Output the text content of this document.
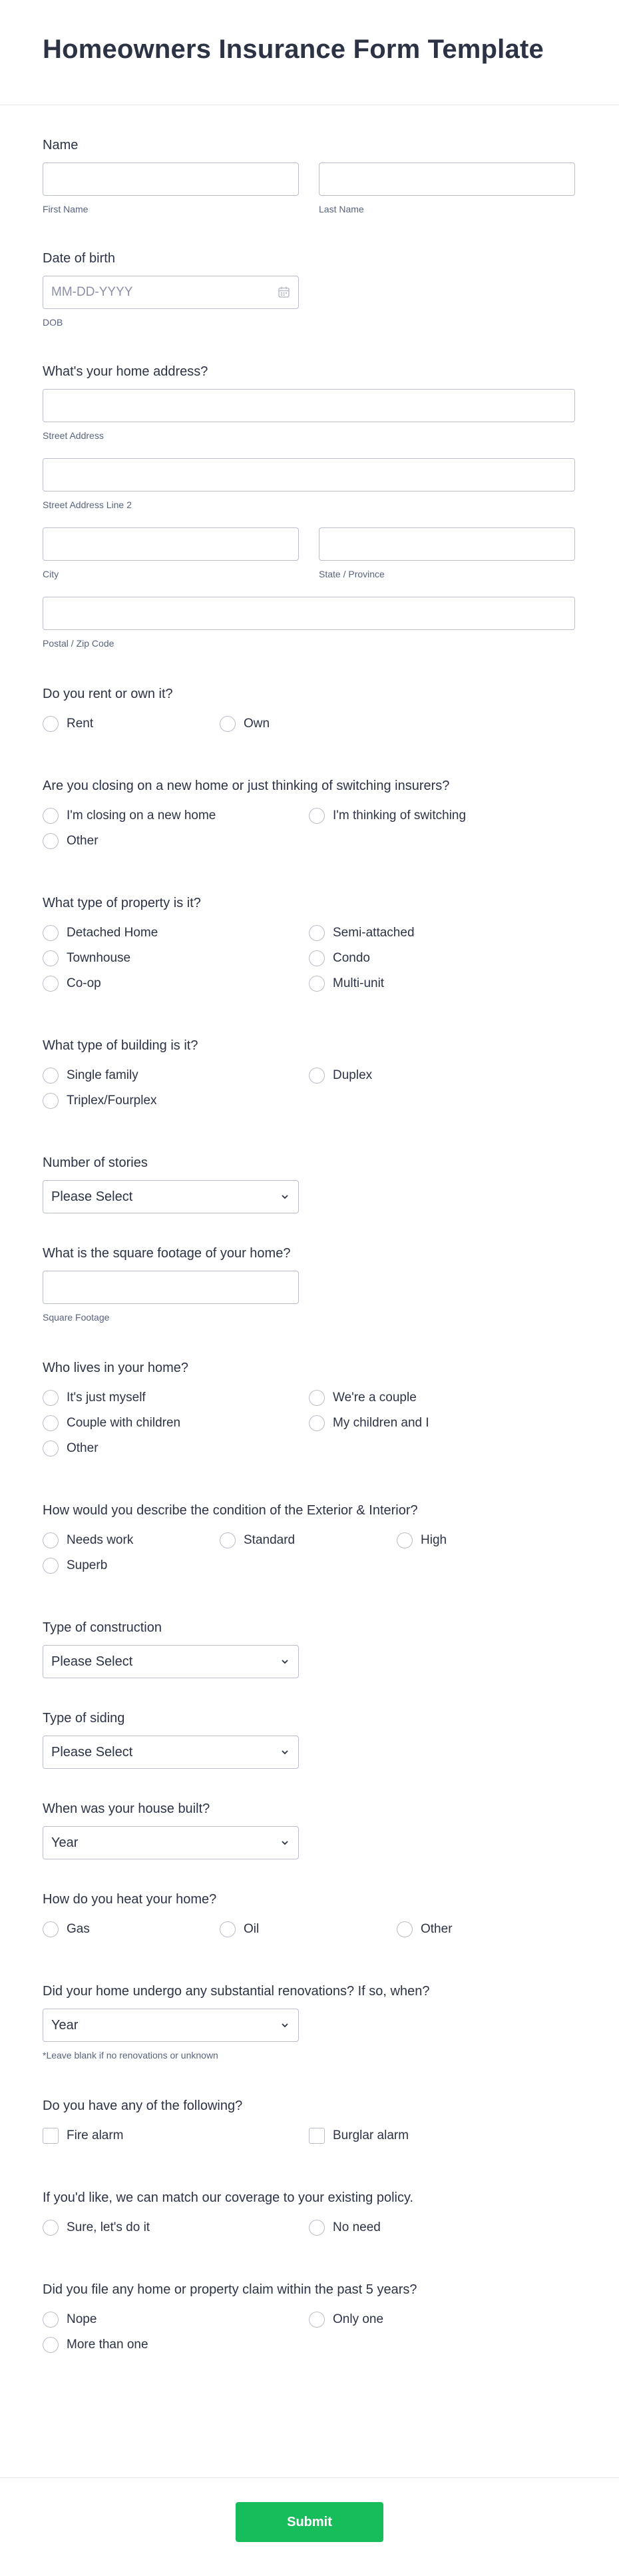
Homeowners Insurance Form Template
Name
First Name	Last Name
Date of birth
MM-DD-YYYY
DOB
What's your home address?
Street Address
Street Address Line 2
City	State / Province
Postal / Zip Code
Do you rent or own it?
Rent	Own
Are you closing on a new home or just thinking of switching insurers?
I'm closing on a new home	I'm thinking of switching
Other
What type of property is it?
Detached Home	Semi-attached
Townhouse	Condo
Co-op	Multi-unit
What type of building is it?
Single family	Duplex
Triplex/Fourplex
Number of stories
Please Select
What is the square footage of your home?
Square Footage
Who lives in your home?
It's just myself	We're a couple
Couple with children	My children and I
Other
How would you describe the condition of the Exterior & Interior?
Needs work	Standard	High
Superb
Type of construction
Please Select
Type of siding
Please Select
When was your house built?
Year
How do you heat your home?
Gas	Oil	Other
Did your home undergo any substantial renovations? If so, when?
Year
*Leave blank if no renovations or unknown
Do you have any of the following?
Fire alarm	Burglar alarm
If you'd like, we can match our coverage to your existing policy.
Sure, let's do it	No need
Did you file any home or property claim within the past 5 years?
Nope	Only one
More than one
Submit
